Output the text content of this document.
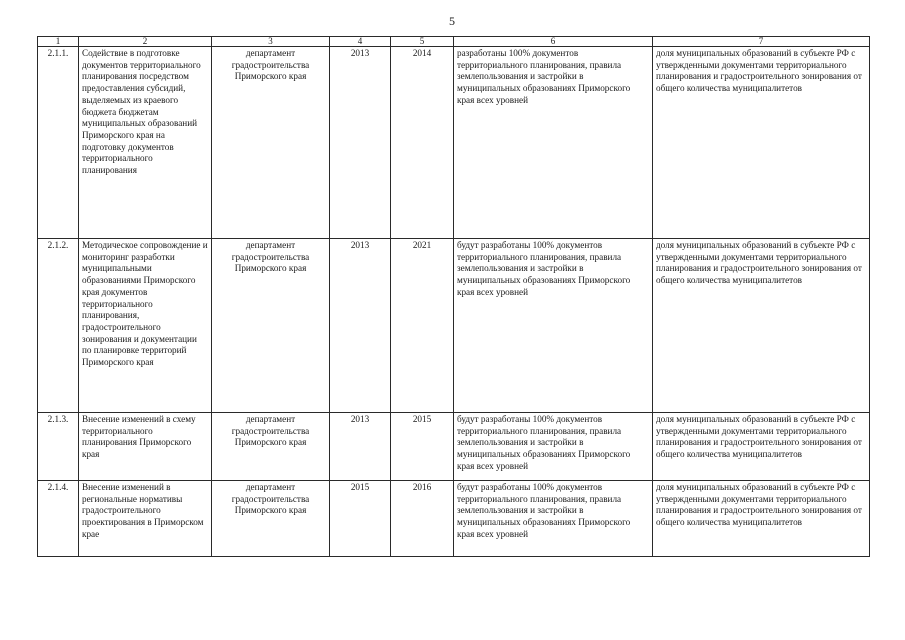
5
1	2	3	4	5	6	7
2.1.1.	Содействие в подготовке документов территориального планирования посредством предоставления субсидий, выделяемых из краевого бюджета бюджетам муниципальных образований Приморского края на подготовку документов территориального планирования	департамент градостроительства Приморского края	2013	2014	разработаны 100% документов территориального планирования, правила землепользования и застройки в муниципальных образованиях Приморского края всех уровней	доля муниципальных образований в субъекте РФ с утвержденными документами территориального планирования и градостроительного зонирования от общего количества муниципалитетов
2.1.2.	Методическое сопровождение и мониторинг разработки муниципальными образованиями Приморского края документов территориального планирования, градостроительного зонирования и документации по планировке территорий Приморского края	департамент градостроительства Приморского края	2013	2021	будут разработаны 100% документов территориального планирования, правила землепользования и застройки в муниципальных образованиях Приморского края всех уровней	доля муниципальных образований в субъекте РФ с утвержденными документами территориального планирования и градостроительного зонирования от общего количества муниципалитетов
2.1.3.	Внесение изменений в схему территориального планирования Приморского края	департамент градостроительства Приморского края	2013	2015	будут разработаны 100% документов территориального планирования, правила землепользования и застройки в муниципальных образованиях Приморского края всех уровней	доля муниципальных образований в субъекте РФ с утвержденными документами территориального планирования и градостроительного зонирования от общего количества муниципалитетов
2.1.4.	Внесение изменений в региональные нормативы градостроительного проектирования в Приморском крае	департамент градостроительства Приморского края	2015	2016	будут разработаны 100% документов территориального планирования, правила землепользования и застройки в муниципальных образованиях Приморского края всех уровней	доля муниципальных образований в субъекте РФ с утвержденными документами территориального планирования и градостроительного зонирования от общего количества муниципалитетов
